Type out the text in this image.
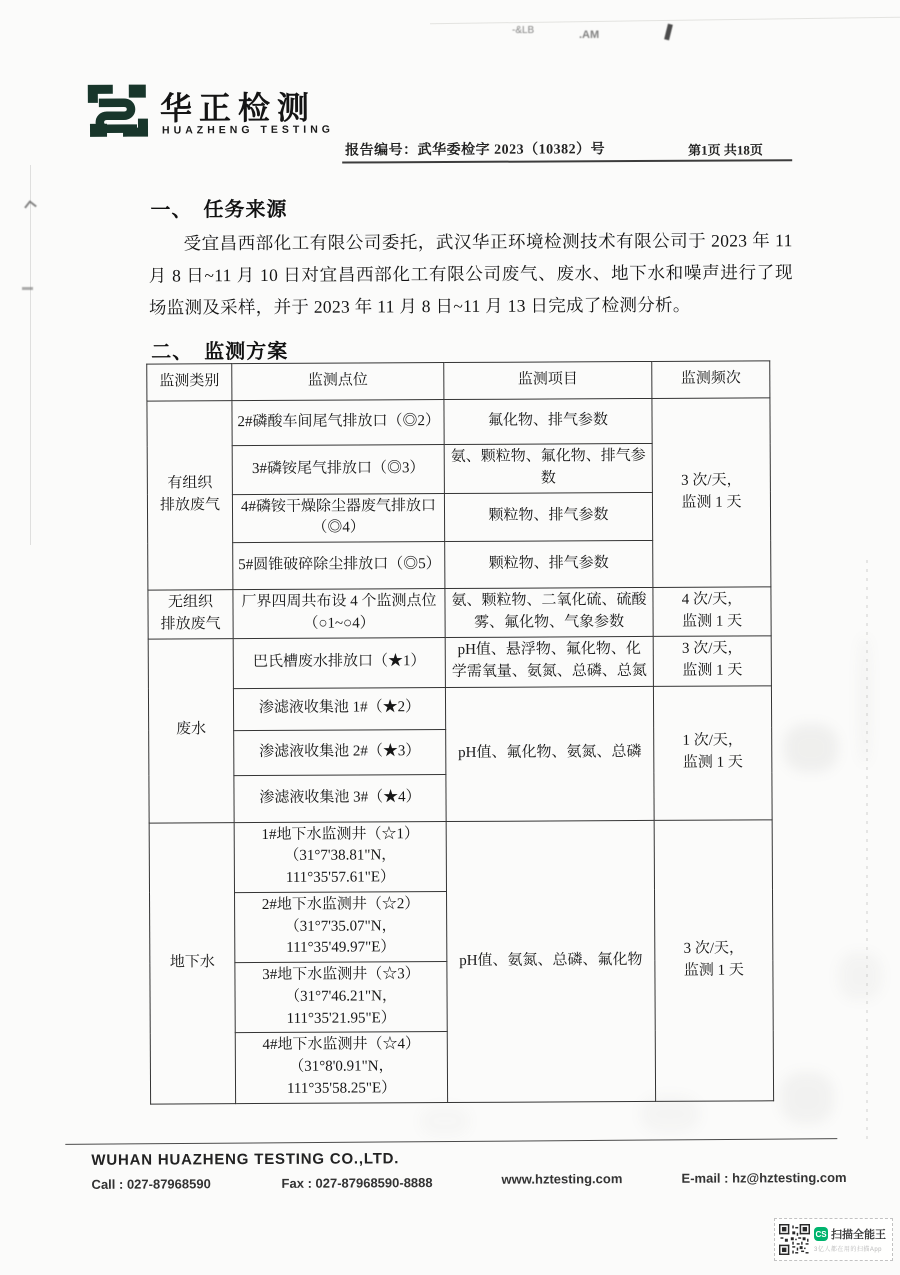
华正检测
HUAZHENG TESTING
报告编号：武华委检字 2023（10382）号	第1页 共18页
一、　任务来源
受宜昌西部化工有限公司委托，武汉华正环境检测技术有限公司于 2023 年 11 月 8 日~11 月 10 日对宜昌西部化工有限公司废气、废水、地下水和噪声进行了现场监测及采样，并于 2023 年 11 月 8 日~11 月 13 日完成了检测分析。
二、　监测方案
监测类别	监测点位	监测项目	监测频次
有组织
排放废气	2#磷酸车间尾气排放口（◎2）	氟化物、排气参数	3 次/天，
监测 1 天
	3#磷铵尾气排放口（◎3）	氨、颗粒物、氟化物、排气参数	
	4#磷铵干燥除尘器废气排放口
（◎4）	颗粒物、排气参数	
	5#圆锥破碎除尘排放口（◎5）	颗粒物、排气参数	
无组织
排放废气	厂界四周共布设 4 个监测点位
（○1~○4）	氨、颗粒物、二氧化硫、硫酸雾、氟化物、气象参数	4 次/天，
监测 1 天
废水	巴氏槽废水排放口（★1）	pH值、悬浮物、氟化物、化学需氧量、氨氮、总磷、总氮	3 次/天，
监测 1 天
	渗滤液收集池 1#（★2）	pH值、氟化物、氨氮、总磷	1 次/天，
监测 1 天
	渗滤液收集池 2#（★3）		
	渗滤液收集池 3#（★4）		
地下水	1#地下水监测井（☆1）
（31°7'38.81"N，111°35'57.61"E）	pH值、氨氮、总磷、氟化物	3 次/天，
监测 1 天
	2#地下水监测井（☆2）
（31°7'35.07"N，111°35'49.97"E）		
	3#地下水监测井（☆3）
（31°7'46.21"N，111°35'21.95"E）		
	4#地下水监测井（☆4）
（31°8'0.91"N，111°35'58.25"E）		
WUHAN HUAZHENG TESTING CO.,LTD.
Call : 027-87968590	Fax : 027-87968590-8888	www.hztesting.com	E-mail : hz@hztesting.com
-&LB	.AM
CS 扫描全能王
3亿人都在用的扫描App
